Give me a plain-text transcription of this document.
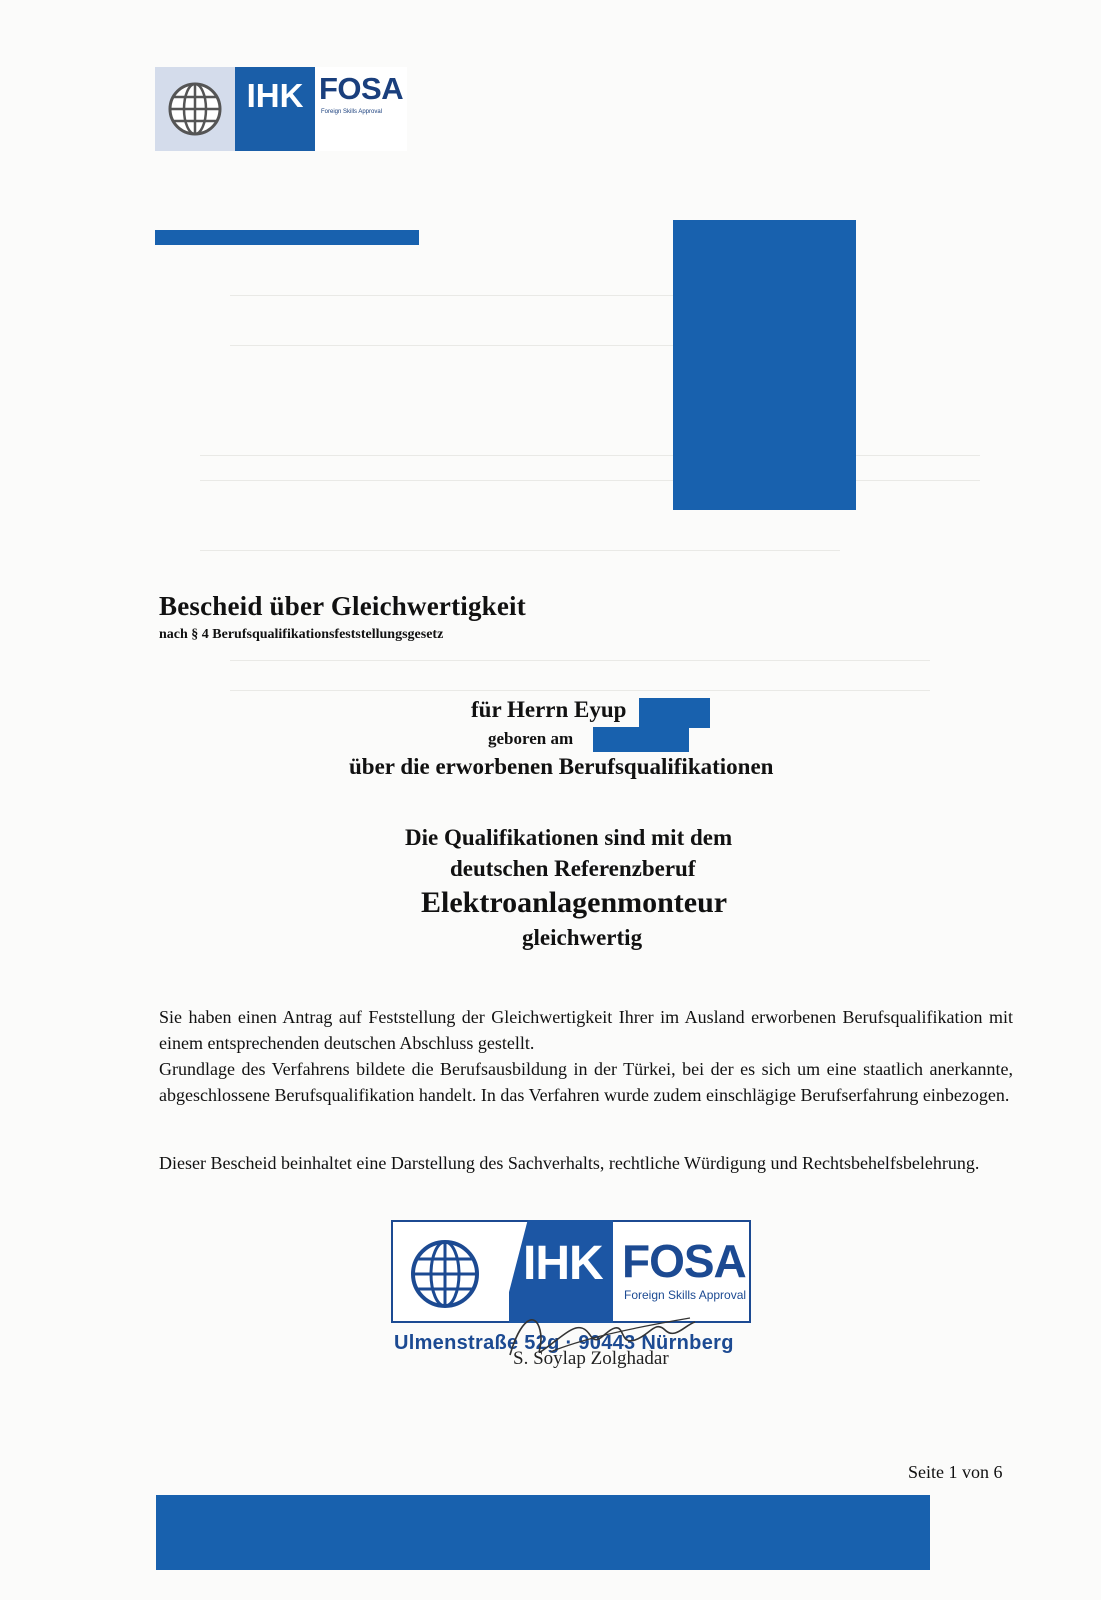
IHK FOSA
Foreign Skills Approval
Bescheid über Gleichwertigkeit
nach § 4 Berufsqualifikationsfeststellungsgesetz
für Herrn Eyup
geboren am
über die erworbenen Berufsqualifikationen
Die Qualifikationen sind mit dem
deutschen Referenzberuf
Elektroanlagenmonteur
gleichwertig

Sie haben einen Antrag auf Feststellung der Gleichwertigkeit Ihrer im Ausland erworbenen Berufsqualifikation mit einem entsprechenden deutschen Abschluss gestellt.

Grundlage des Verfahrens bildete die Berufsausbildung in der Türkei, bei der es sich um eine staatlich anerkannte, abgeschlossene Berufsqualifikation handelt. In das Verfahren wurde zudem einschlägige Berufserfahrung einbezogen.

Dieser Bescheid beinhaltet eine Darstellung des Sachverhalts, rechtliche Würdigung und Rechtsbehelfsbelehrung.

IHK FOSA
Foreign Skills Approval
Ulmenstraße 52g · 90443 Nürnberg
S. Soylap Zolghadar
Seite 1 von 6
